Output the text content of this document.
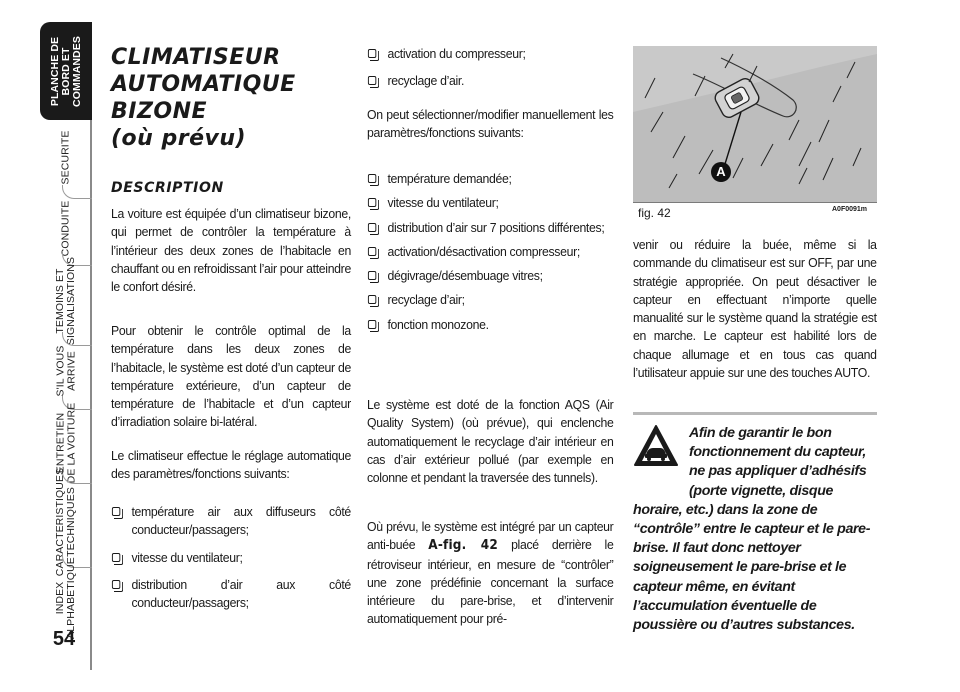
PLANCHE DE
BORD ET
COMMANDES
SECURITE
CONDUITE
TEMOINS ET
SIGNALISATIONS
S'IL VOUS
ARRIVE
ENTRETIEN
DE LA VOITURE
CARACTERISTIQUES
TECHNIQUES
INDEX
ALPHABETIQUE
54
CLIMATISEUR
AUTOMATIQUE
BIZONE
(où prévu)
DESCRIPTION
La voiture est équipée d’un climatiseur bizone, qui permet de contrôler la température à l’intérieur des deux zones de l’habitacle en chauffant ou en refroidissant l’air pour atteindre le confort désiré.
Pour obtenir le contrôle optimal de la température dans les deux zones de l’habitacle, le système est doté d’un capteur de température extérieure, d’un capteur de température de l’habitacle et d’un capteur d’irradiation solaire bi-latéral.
Le climatiseur effectue le réglage automatique des paramètres/fonctions suivants:
température air aux diffuseurs côté conducteur/passagers;
vitesse du ventilateur;
distribution d’air aux côté conducteur/passagers;
activation du compresseur;
recyclage d’air.
On peut sélectionner/modifier manuellement les paramètres/fonctions suivants:
température demandée;
vitesse du ventilateur;
distribution d’air sur 7 positions différentes;
activation/désactivation compresseur;
dégivrage/désembuage vitres;
recyclage d’air;
fonction monozone.
Le système est doté de la fonction AQS (Air Quality System) (où prévue), qui enclenche automatiquement le recyclage d’air intérieur en cas d’air extérieur pollué (par exemple en colonne et pendant la traversée des tunnels).
Où prévu, le système est intégré par un capteur anti-buée A-fig. 42 placé derrière le rétroviseur intérieur, en mesure de “contrôler” une zone prédéfinie concernant la surface intérieure du pare-brise, et d’intervenir automatiquement pour pré-
A
fig. 42	A0F0091m
venir ou réduire la buée, même si la commande du climatiseur est sur OFF, par une stratégie appropriée. On peut désactiver le capteur en effectuant n’importe quelle manualité sur le système quand la stratégie est en marche. Le capteur est habilité lors de chaque allumage et en tous cas quand l’utilisateur appuie sur une des touches AUTO.
Afin de garantir le bon fonctionnement du capteur, ne pas appliquer d’adhésifs (porte vignette, disque horaire, etc.) dans la zone de “contrôle” entre le capteur et le pare-brise. Il faut donc nettoyer soigneusement le pare-brise et le capteur même, en évitant l’accumulation éventuelle de poussière ou d’autres substances.
